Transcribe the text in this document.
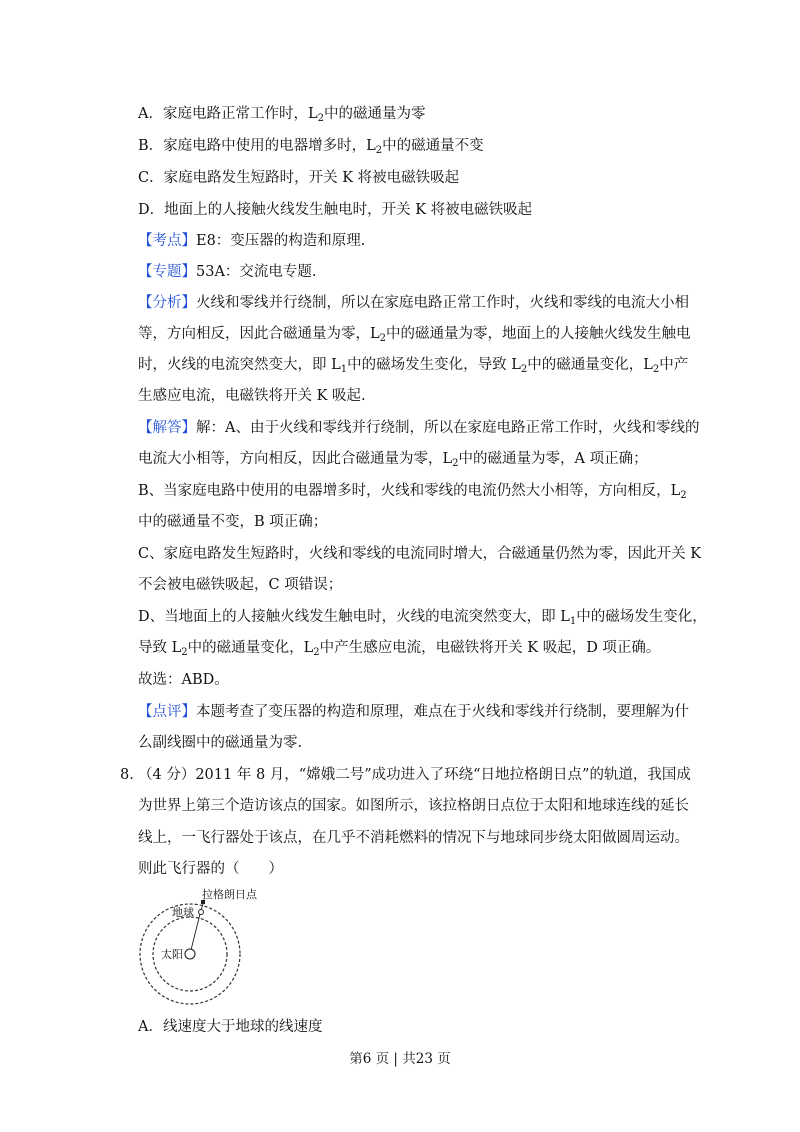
A．家庭电路正常工作时，$L_2$中的磁通量为零
B．家庭电路中使用的电器增多时，$L_2$中的磁通量不变
C．家庭电路发生短路时，开关 K 将被电磁铁吸起
D．地面上的人接触火线发生触电时，开关 K 将被电磁铁吸起
【考点】E8：变压器的构造和原理.
【专题】53A：交流电专题.
【分析】火线和零线并行绕制，所以在家庭电路正常工作时，火线和零线的电流大小相
等，方向相反，因此合磁通量为零，$L_2$中的磁通量为零，地面上的人接触火线发生触电
时，火线的电流突然变大，即 $L_1$中的磁场发生变化，导致 $L_2$中的磁通量变化，$L_2$中产
生感应电流，电磁铁将开关 K 吸起.
【解答】解：A、由于火线和零线并行绕制，所以在家庭电路正常工作时，火线和零线的
电流大小相等，方向相反，因此合磁通量为零，$L_2$中的磁通量为零，A 项正确；
B、当家庭电路中使用的电器增多时，火线和零线的电流仍然大小相等，方向相反，$L_2$
中的磁通量不变，B 项正确；
C、家庭电路发生短路时，火线和零线的电流同时增大，合磁通量仍然为零，因此开关 K
不会被电磁铁吸起，C 项错误；
D、当地面上的人接触火线发生触电时，火线的电流突然变大，即 $L_1$中的磁场发生变化，
导致 $L_2$中的磁通量变化，$L_2$中产生感应电流，电磁铁将开关 K 吸起，D 项正确。
故选：ABD。
【点评】本题考查了变压器的构造和原理，难点在于火线和零线并行绕制，要理解为什
么副线圈中的磁通量为零.
8．
（4 分）2011 年 8 月，“嫦娥二号”成功进入了环绕“日地拉格朗日点”的轨道，我国成
为世界上第三个造访该点的国家。如图所示，该拉格朗日点位于太阳和地球连线的延长
线上，一飞行器处于该点，在几乎不消耗燃料的情况下与地球同步绕太阳做圆周运动。
则此飞行器的（　　）
拉格朗日点
地球
太阳
A．线速度大于地球的线速度
第6 页 | 共23 页
